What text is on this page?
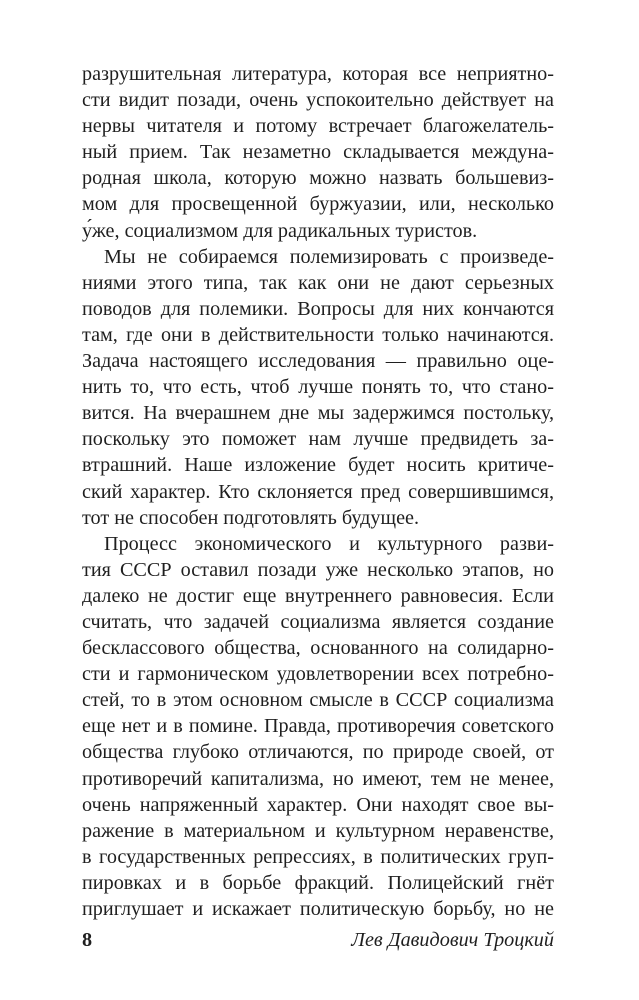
разрушительная литература, которая все неприятно-
сти видит позади, очень успокоительно действует на
нервы читателя и потому встречает благожелатель-
ный прием. Так незаметно складывается междуна-
родная школа, которую можно назвать большевиз-
мом для просвещенной буржуазии, или, несколько
у́же, социализмом для радикальных туристов.
Мы не собираемся полемизировать с произведе-
ниями этого типа, так как они не дают серьезных
поводов для полемики. Вопросы для них кончаются
там, где они в действительности только начинаются.
Задача настоящего исследования — правильно оце-
нить то, что есть, чтоб лучше понять то, что стано-
вится. На вчерашнем дне мы задержимся постольку,
поскольку это поможет нам лучше предвидеть за-
втрашний. Наше изложение будет носить критиче-
ский характер. Кто склоняется пред совершившимся,
тот не способен подготовлять будущее.
Процесс экономического и культурного разви-
тия СССР оставил позади уже несколько этапов, но
далеко не достиг еще внутреннего равновесия. Если
считать, что задачей социализма является создание
бесклассового общества, основанного на солидарно-
сти и гармоническом удовлетворении всех потребно-
стей, то в этом основном смысле в СССР социализма
еще нет и в помине. Правда, противоречия советского
общества глубоко отличаются, по природе своей, от
противоречий капитализма, но имеют, тем не менее,
очень напряженный характер. Они находят свое вы-
ражение в материальном и культурном неравенстве,
в государственных репрессиях, в политических груп-
пировках и в борьбе фракций. Полицейский гнёт
приглушает и искажает политическую борьбу, но не
8	Лев Давидович Троцкий
